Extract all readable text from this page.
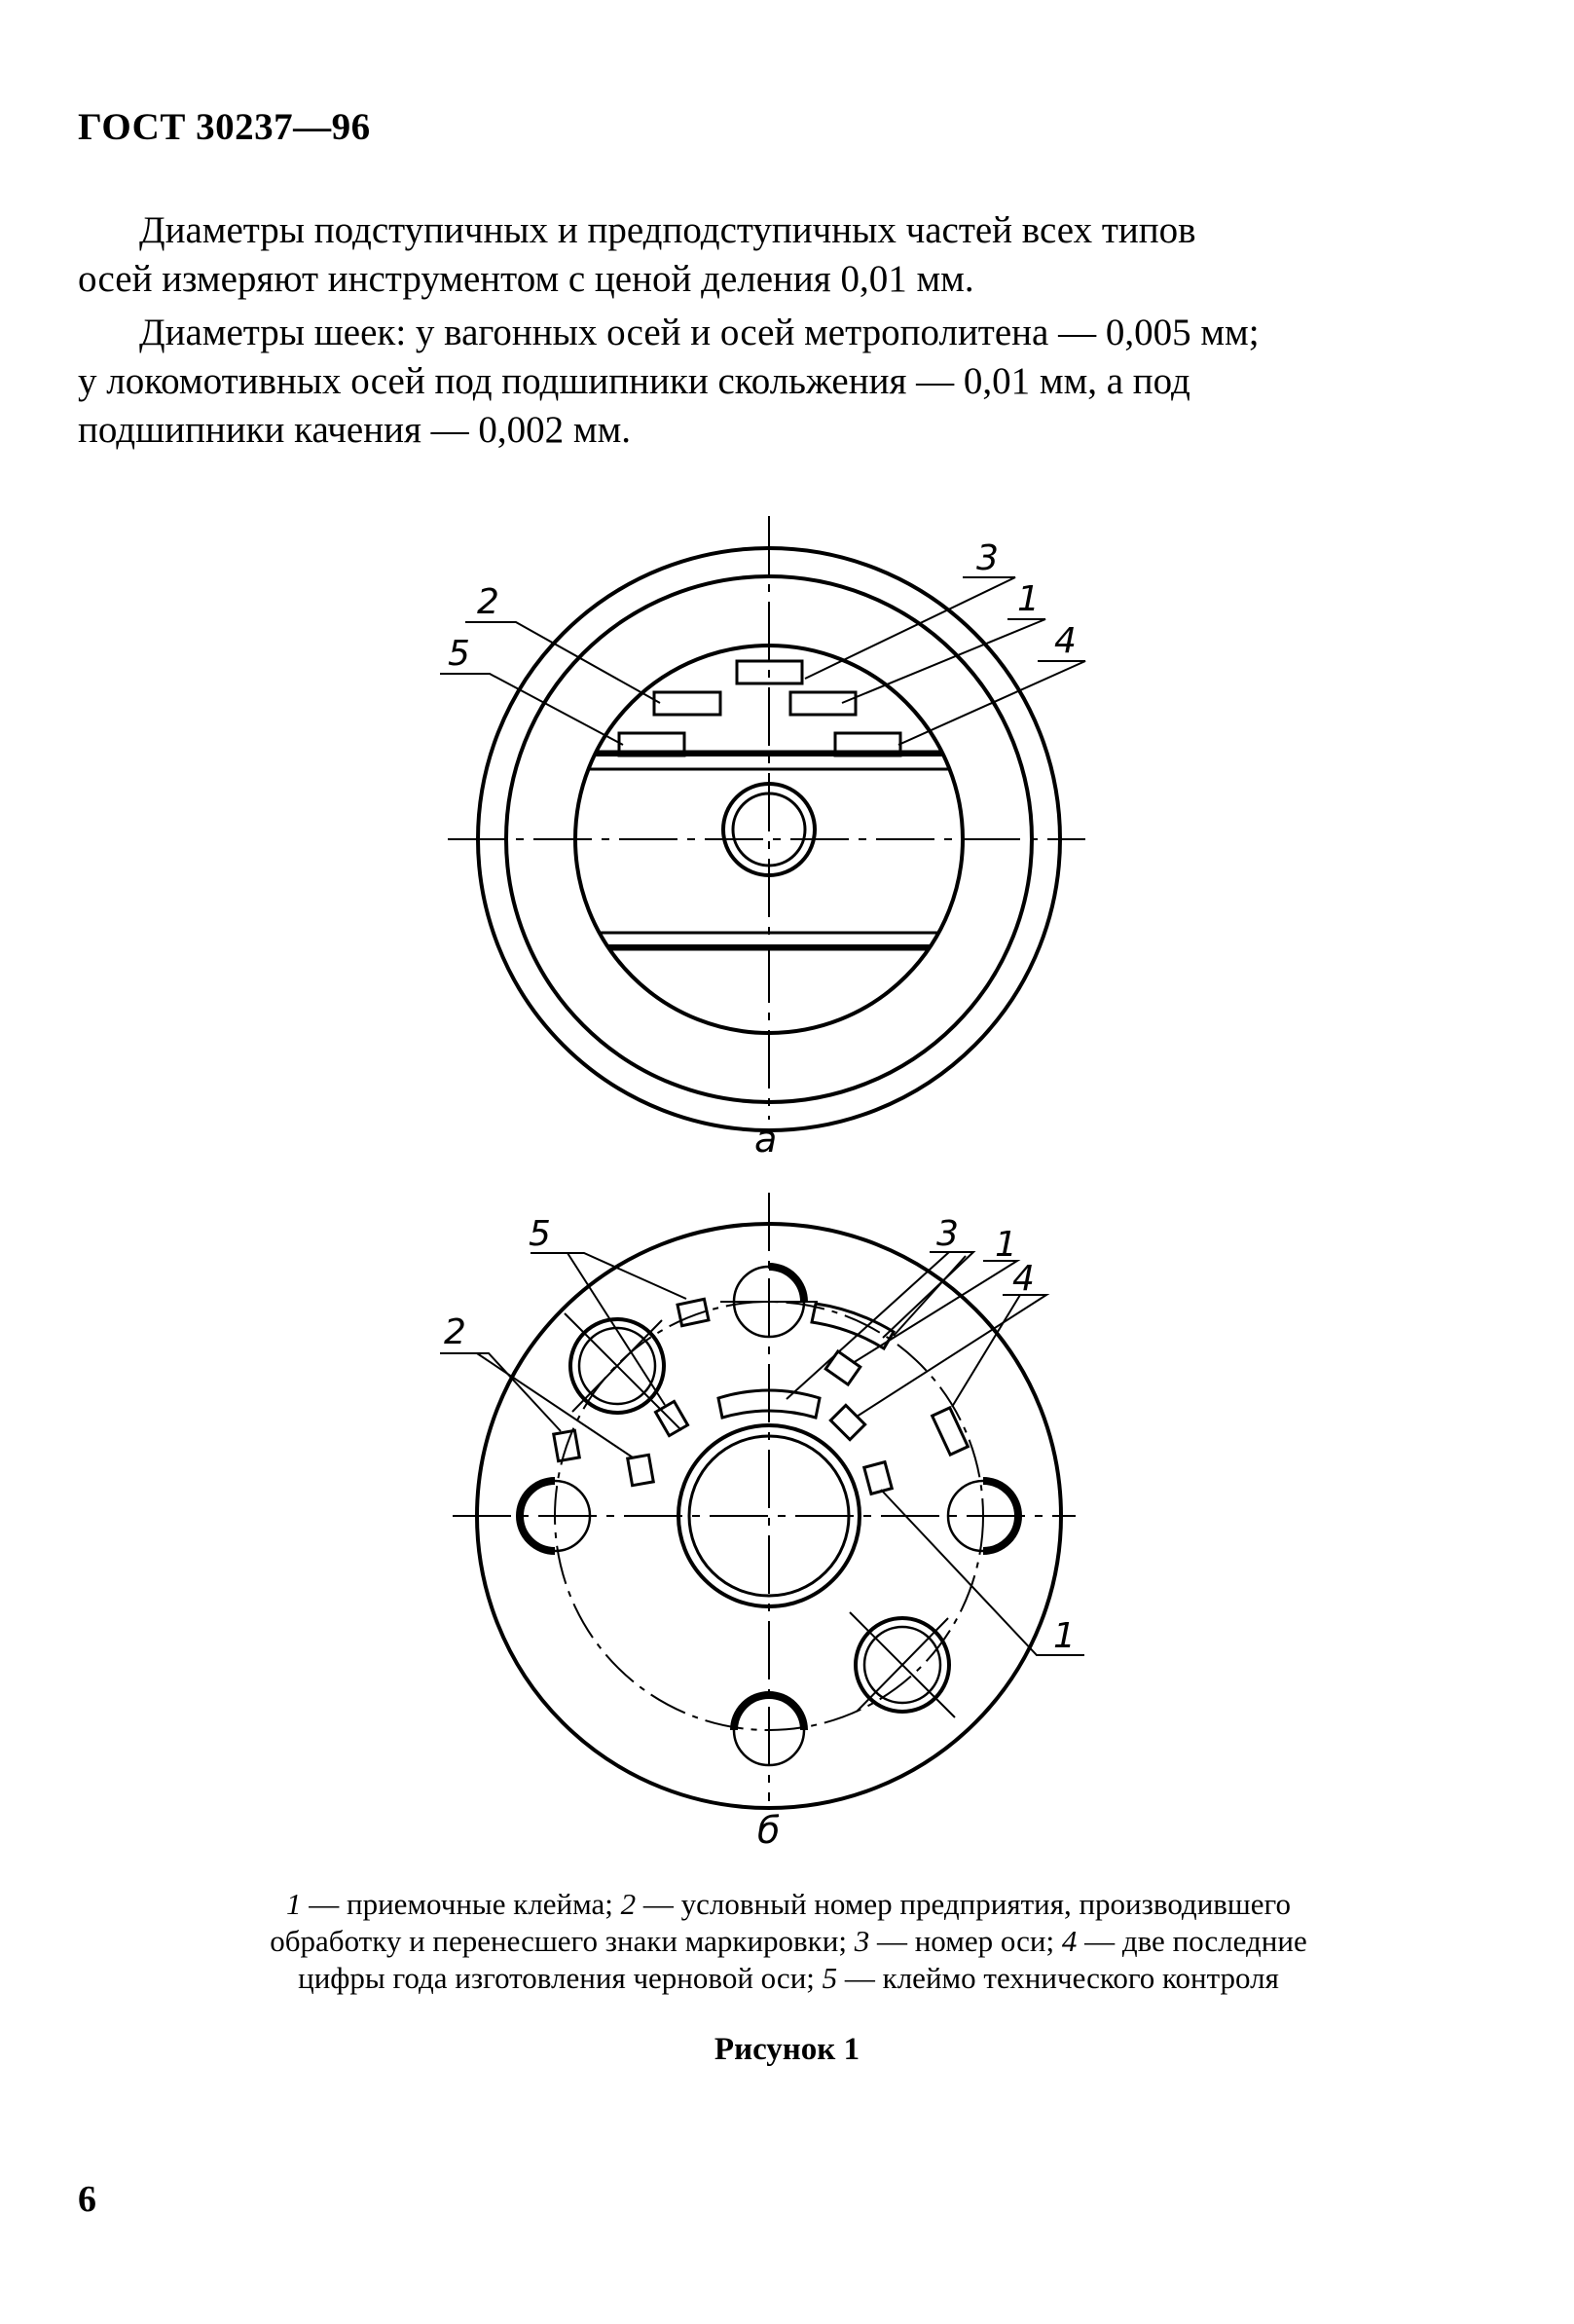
ГОСТ 30237—96
Диаметры подступичных и предподступичных частей всех типов
осей измеряют инструментом с ценой деления 0,01 мм.
Диаметры шеек: у вагонных осей и осей метрополитена — 0,005 мм;
у локомотивных осей под подшипники скольжения — 0,01 мм, а под
подшипники качения — 0,002 мм.
3
2	1
5	4
а
5	3 1
4
2
1
б
1 — приемочные клейма; 2 — условный номер предприятия, производившего
обработку и перенесшего знаки маркировки; 3 — номер оси; 4 — две последние
цифры года изготовления черновой оси; 5 — клеймо технического контроля
Рисунок 1
6
